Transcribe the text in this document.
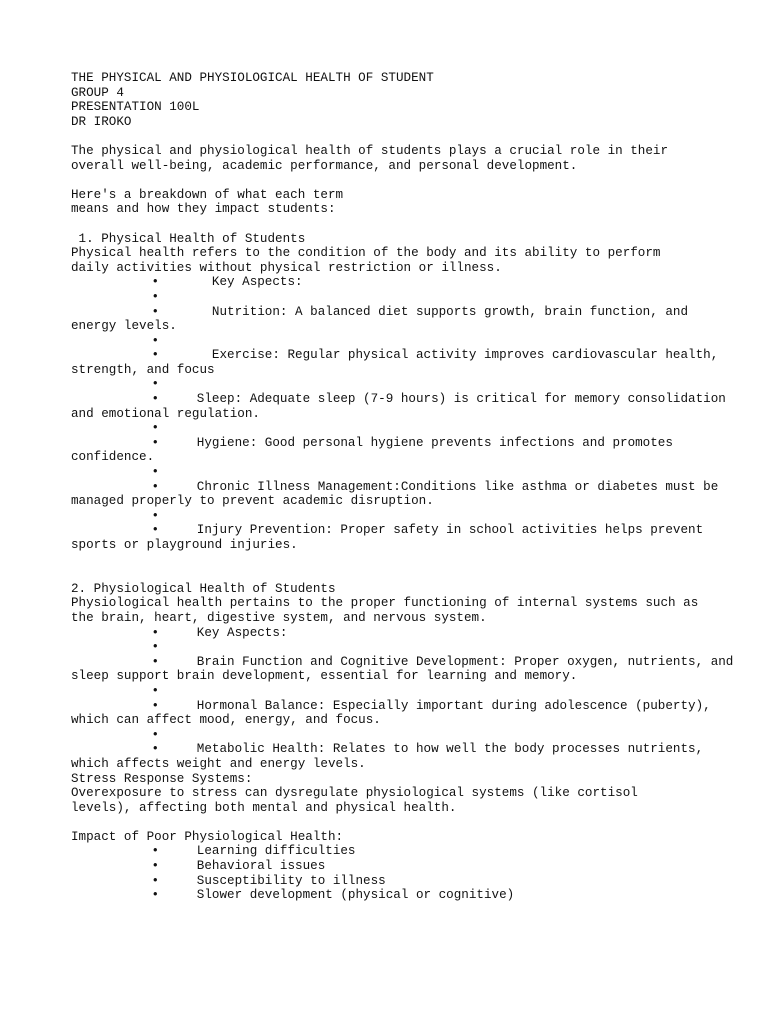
THE PHYSICAL AND PHYSIOLOGICAL HEALTH OF STUDENT
GROUP 4
PRESENTATION 100L
DR IROKO
The physical and physiological health of students plays a crucial role in their
overall well-being, academic performance, and personal development.
Here's a breakdown of what each term
means and how they impact students:
1. Physical Health of Students
Physical health refers to the condition of the body and its ability to perform
daily activities without physical restriction or illness.
•       Key Aspects:
•
•       Nutrition: A balanced diet supports growth, brain function, and
energy levels.
•
•       Exercise: Regular physical activity improves cardiovascular health,
strength, and focus
•
•     Sleep: Adequate sleep (7-9 hours) is critical for memory consolidation
and emotional regulation.
•
•     Hygiene: Good personal hygiene prevents infections and promotes
confidence.
•
•     Chronic Illness Management:Conditions like asthma or diabetes must be
managed properly to prevent academic disruption.
•
•     Injury Prevention: Proper safety in school activities helps prevent
sports or playground injuries.
2. Physiological Health of Students
Physiological health pertains to the proper functioning of internal systems such as
the brain, heart, digestive system, and nervous system.
•     Key Aspects:
•
•     Brain Function and Cognitive Development: Proper oxygen, nutrients, and
sleep support brain development, essential for learning and memory.
•
•     Hormonal Balance: Especially important during adolescence (puberty),
which can affect mood, energy, and focus.
•
•     Metabolic Health: Relates to how well the body processes nutrients,
which affects weight and energy levels.
Stress Response Systems:
Overexposure to stress can dysregulate physiological systems (like cortisol
levels), affecting both mental and physical health.
Impact of Poor Physiological Health:
•     Learning difficulties
•     Behavioral issues
•     Susceptibility to illness
•     Slower development (physical or cognitive)
